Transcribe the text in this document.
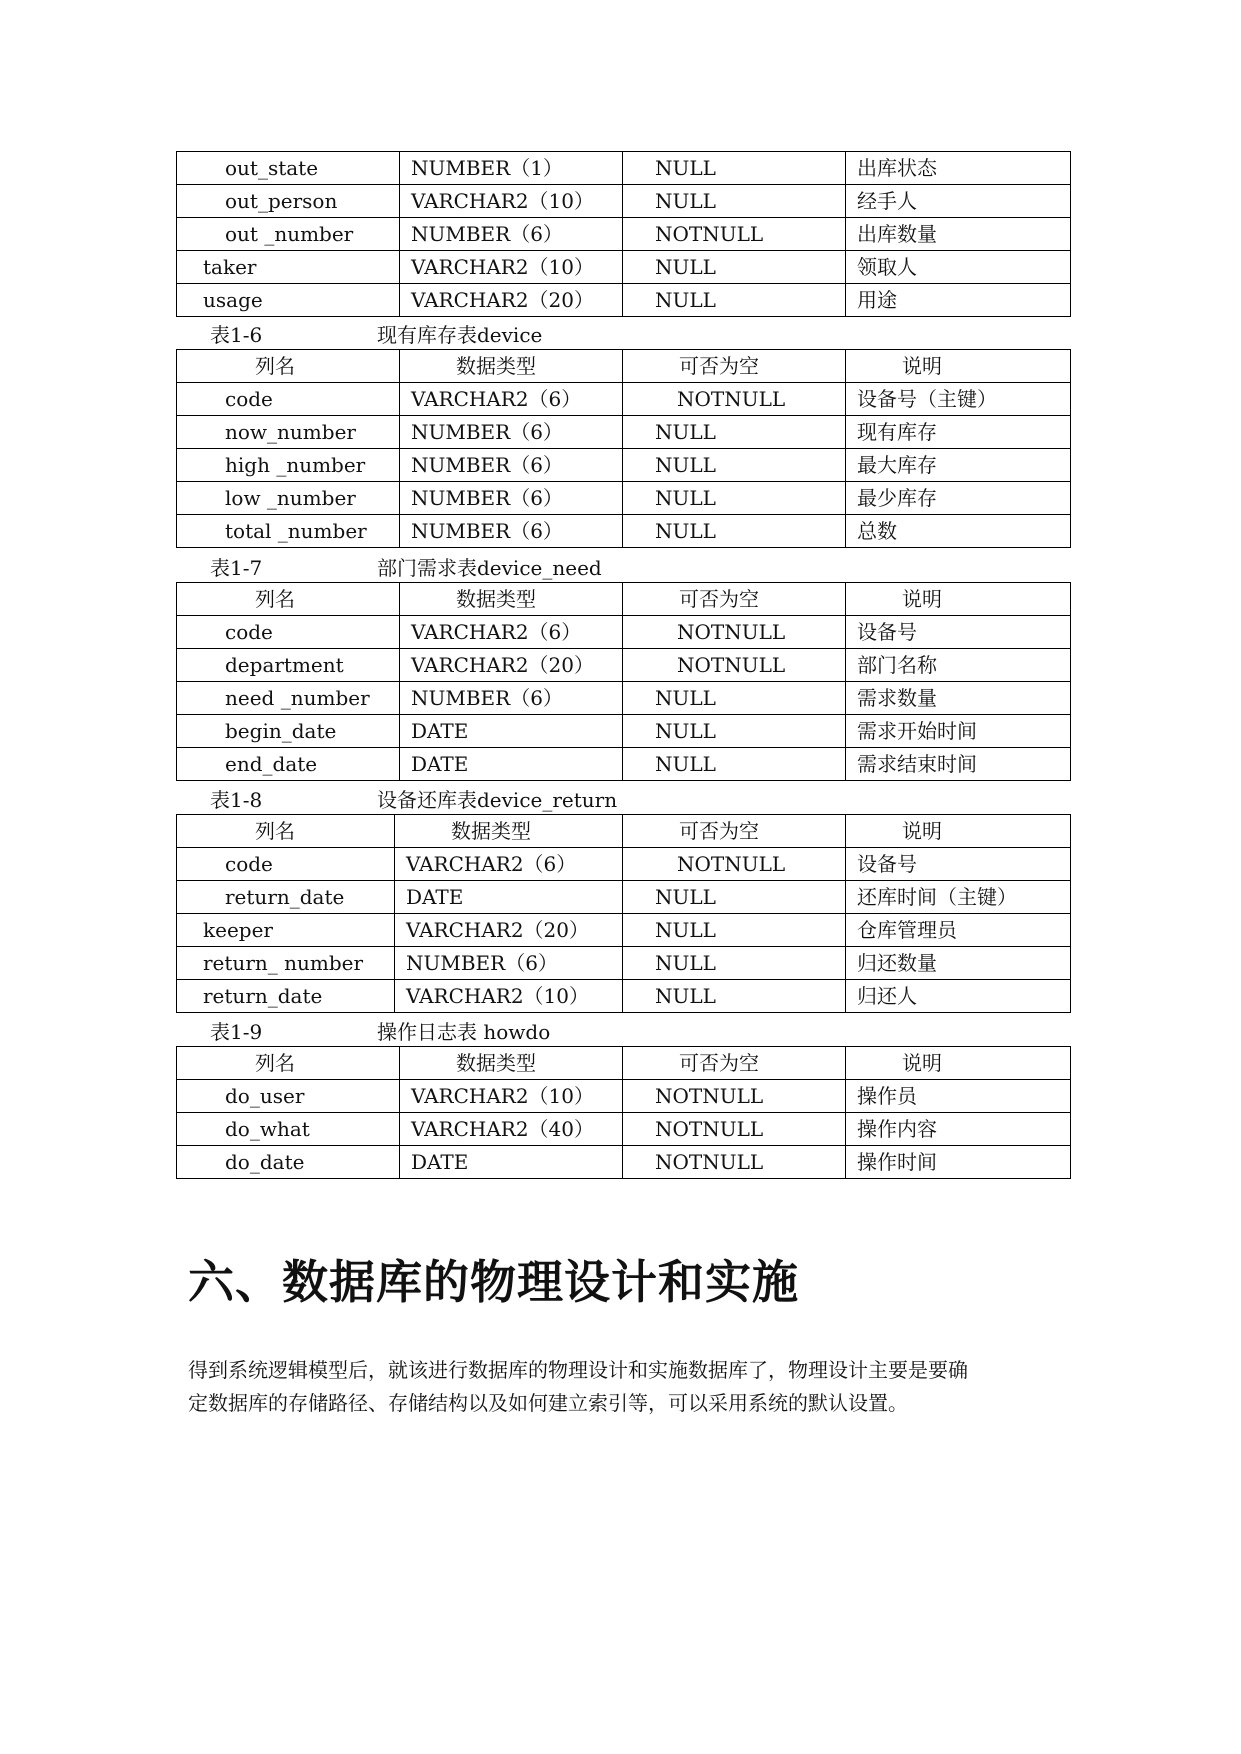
out_state	NUMBER（1）	NULL	出库状态
out_person	VARCHAR2（10）	NULL	经手人
out _number	NUMBER（6）	NOTNULL	出库数量
taker	VARCHAR2（10）	NULL	领取人
usage	VARCHAR2（20）	NULL	用途
表1-6	现有库存表device
列名	数据类型	可否为空	说明
code	VARCHAR2（6）	NOTNULL	设备号（主键）
now_number	NUMBER（6）	NULL	现有库存
high _number	NUMBER（6）	NULL	最大库存
low _number	NUMBER（6）	NULL	最少库存
total _number	NUMBER（6）	NULL	总数
表1-7	部门需求表device_need
列名	数据类型	可否为空	说明
code	VARCHAR2（6）	NOTNULL	设备号
department	VARCHAR2（20）	NOTNULL	部门名称
need _number	NUMBER（6）	NULL	需求数量
begin_date	DATE	NULL	需求开始时间
end_date	DATE	NULL	需求结束时间
表1-8	设备还库表device_return
列名	数据类型	可否为空	说明
code	VARCHAR2（6）	NOTNULL	设备号
return_date	DATE	NULL	还库时间（主键）
keeper	VARCHAR2（20）	NULL	仓库管理员
return_ number	NUMBER（6）	NULL	归还数量
return_date	VARCHAR2（10）	NULL	归还人
表1-9	操作日志表 howdo
列名	数据类型	可否为空	说明
do_user	VARCHAR2（10）	NOTNULL	操作员
do_what	VARCHAR2（40）	NOTNULL	操作内容
do_date	DATE	NOTNULL	操作时间
六、数据库的物理设计和实施
得到系统逻辑模型后，就该进行数据库的物理设计和实施数据库了，物理设计主要是要确
定数据库的存储路径、存储结构以及如何建立索引等，可以采用系统的默认设置。
